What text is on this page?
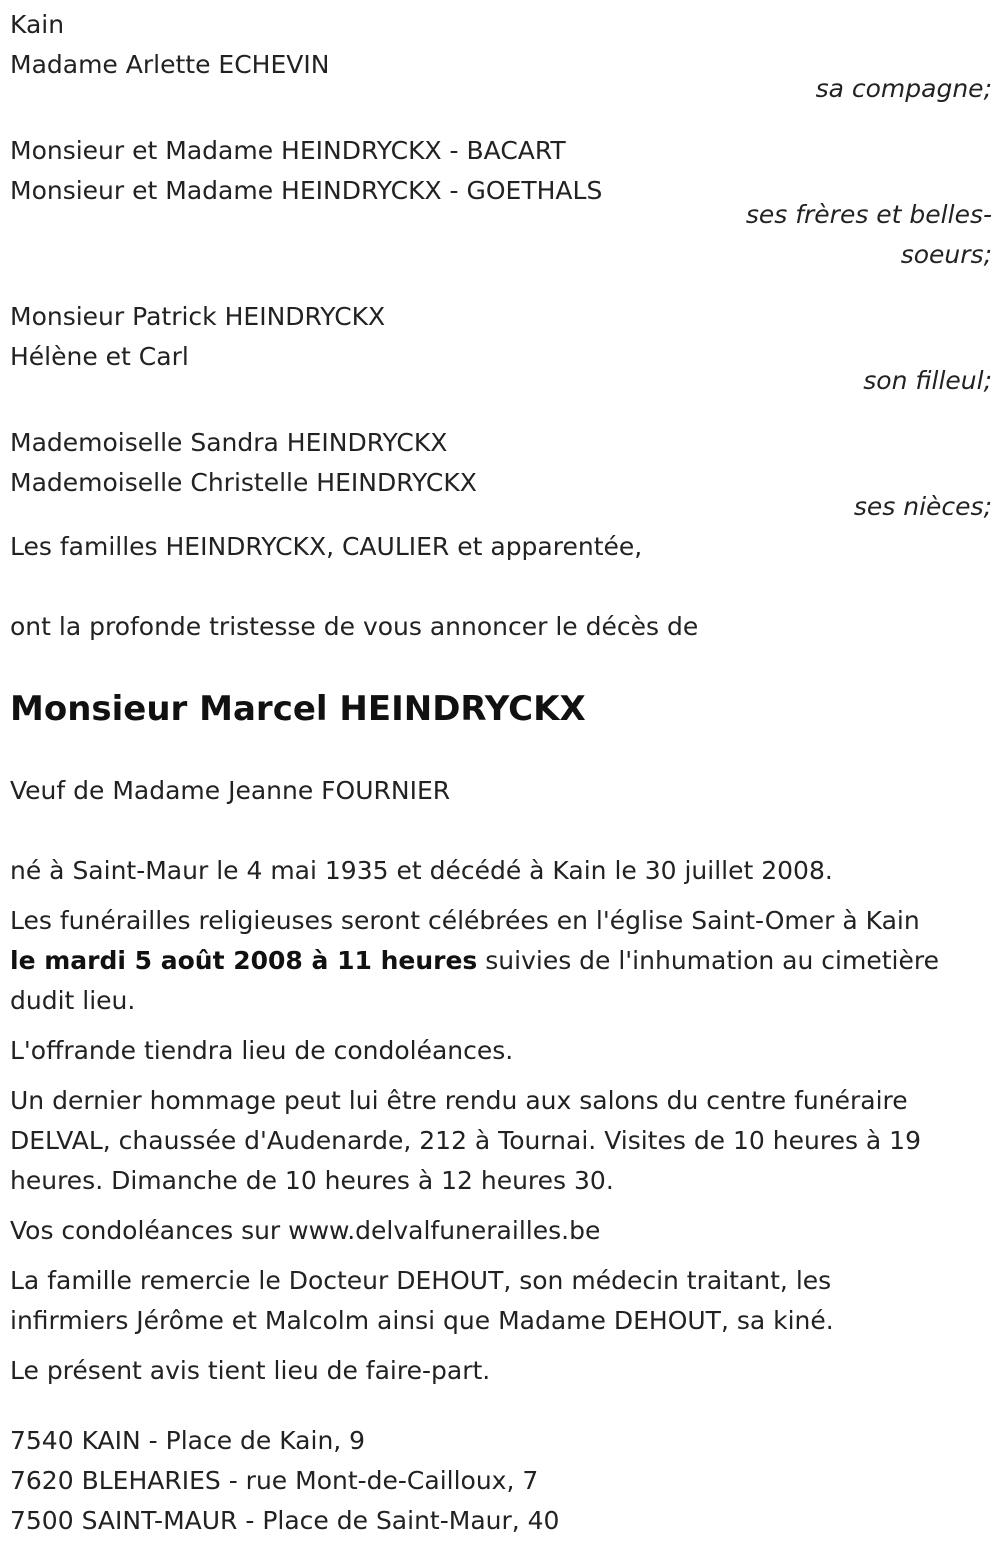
Kain
Madame Arlette ECHEVIN
sa compagne;
Monsieur et Madame HEINDRYCKX - BACART
Monsieur et Madame HEINDRYCKX - GOETHALS
ses frères et belles-
soeurs;
Monsieur Patrick HEINDRYCKX
Hélène et Carl
son filleul;
Mademoiselle Sandra HEINDRYCKX
Mademoiselle Christelle HEINDRYCKX
ses nièces;
Les familles HEINDRYCKX, CAULIER et apparentée,
ont la profonde tristesse de vous annoncer le décès de
Monsieur Marcel HEINDRYCKX
Veuf de Madame Jeanne FOURNIER
né à Saint-Maur le 4 mai 1935 et décédé à Kain le 30 juillet 2008.
Les funérailles religieuses seront célébrées en l'église Saint-Omer à Kain
le mardi 5 août 2008 à 11 heures suivies de l'inhumation au cimetière
dudit lieu.
L'offrande tiendra lieu de condoléances.
Un dernier hommage peut lui être rendu aux salons du centre funéraire
DELVAL, chaussée d'Audenarde, 212 à Tournai. Visites de 10 heures à 19
heures. Dimanche de 10 heures à 12 heures 30.
Vos condoléances sur www.delvalfunerailles.be
La famille remercie le Docteur DEHOUT, son médecin traitant, les
infirmiers Jérôme et Malcolm ainsi que Madame DEHOUT, sa kiné.
Le présent avis tient lieu de faire-part.
7540 KAIN - Place de Kain, 9
7620 BLEHARIES - rue Mont-de-Cailloux, 7
7500 SAINT-MAUR - Place de Saint-Maur, 40
